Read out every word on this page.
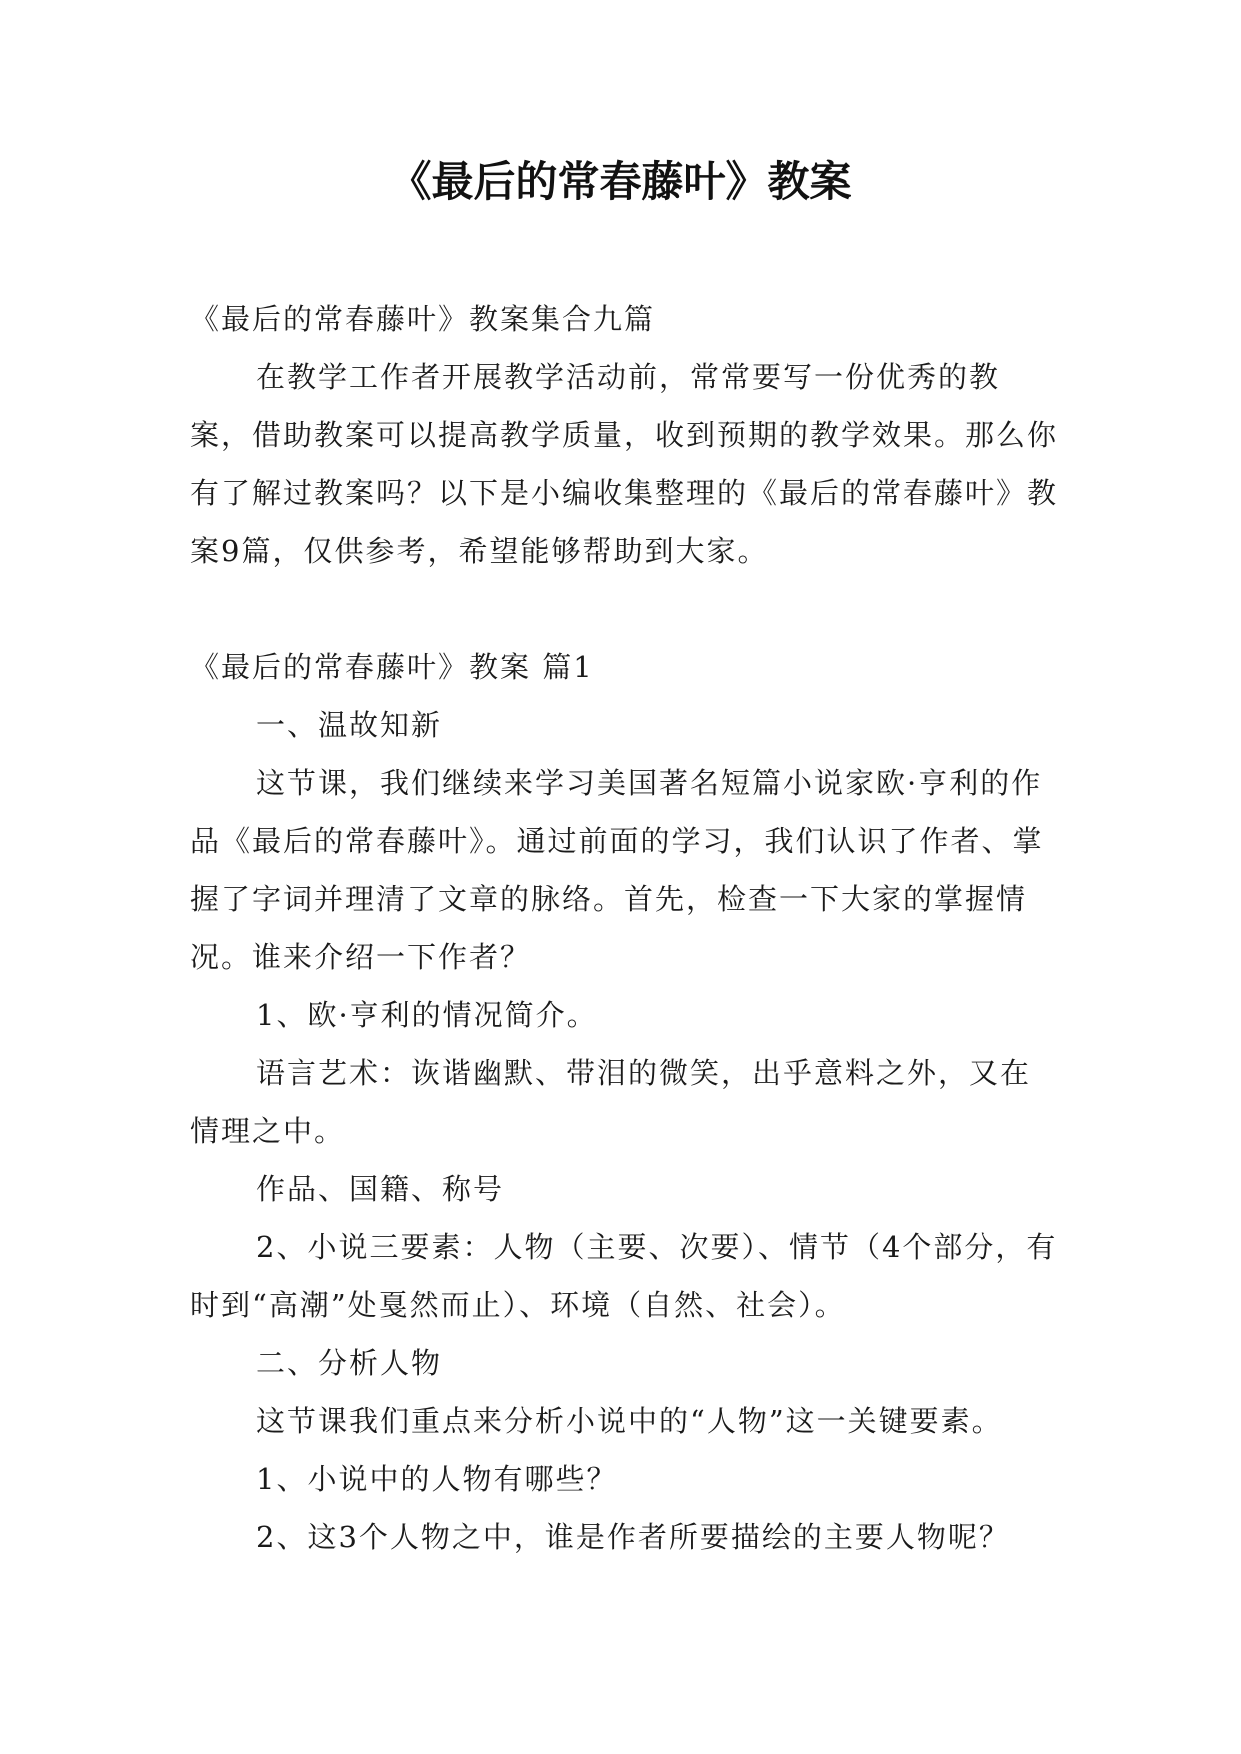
《最后的常春藤叶》教案

《最后的常春藤叶》教案集合九篇

在教学工作者开展教学活动前，常常要写一份优秀的教案，借助教案可以提高教学质量，收到预期的教学效果。那么你有了解过教案吗？以下是小编收集整理的《最后的常春藤叶》教案9篇，仅供参考，希望能够帮助到大家。

《最后的常春藤叶》教案 篇1

一、温故知新

这节课，我们继续来学习美国著名短篇小说家欧·亨利的作品《最后的常春藤叶》。通过前面的学习，我们认识了作者、掌握了字词并理清了文章的脉络。首先，检查一下大家的掌握情况。谁来介绍一下作者？

1、欧·亨利的情况简介。

语言艺术：诙谐幽默、带泪的微笑，出乎意料之外，又在情理之中。

作品、国籍、称号

2、小说三要素：人物（主要、次要）、情节（4个部分，有时到“高潮”处戛然而止）、环境（自然、社会）。

二、分析人物

这节课我们重点来分析小说中的“人物”这一关键要素。

1、小说中的人物有哪些？

2、这3个人物之中，谁是作者所要描绘的主要人物呢？
